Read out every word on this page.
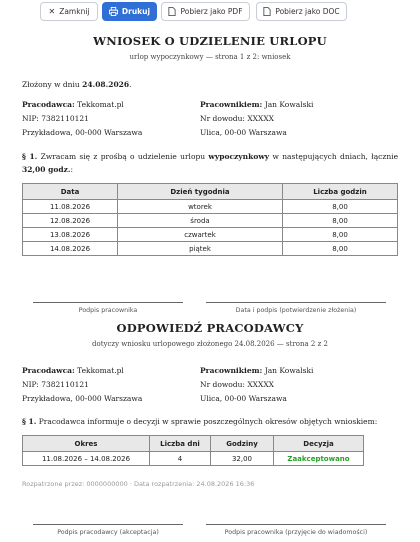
✕ Zamknij	Drukuj	Pobierz jako PDF	Pobierz jako DOC
WNIOSEK O UDZIELENIE URLOPU
urlop wypoczynkowy — strona 1 z 2: wniosek
Złożony w dniu 24.08.2026.
Pracodawca: Tekkomat.pl
NIP: 7382110121
Przykładowa, 00-000 Warszawa
Pracownikiem: Jan Kowalski
Nr dowodu: XXXXX
Ulica, 00-00 Warszawa
§ 1. Zwracam się z prośbą o udzielenie urlopu wypoczynkowy w następujących dniach, łącznie 32,00 godz.:
Data	Dzień tygodnia	Liczba godzin
11.08.2026	wtorek	8,00
12.08.2026	środa	8,00
13.08.2026	czwartek	8,00
14.08.2026	piątek	8,00
Podpis pracownika	Data i podpis (potwierdzenie złożenia)
ODPOWIEDŹ PRACODAWCY
dotyczy wniosku urlopowego złożonego 24.08.2026 — strona 2 z 2
Pracodawca: Tekkomat.pl
NIP: 7382110121
Przykładowa, 00-000 Warszawa
Pracownikiem: Jan Kowalski
Nr dowodu: XXXXX
Ulica, 00-00 Warszawa
§ 1. Pracodawca informuje o decyzji w sprawie poszczególnych okresów objętych wnioskiem:
Okres	Liczba dni	Godziny	Decyzja
11.08.2026 – 14.08.2026	4	32,00	Zaakceptowano
Rozpatrzone przez: 0000000000 · Data rozpatrzenia: 24.08.2026 16:36
Podpis pracodawcy (akceptacja)	Podpis pracownika (przyjęcie do wiadomości)
